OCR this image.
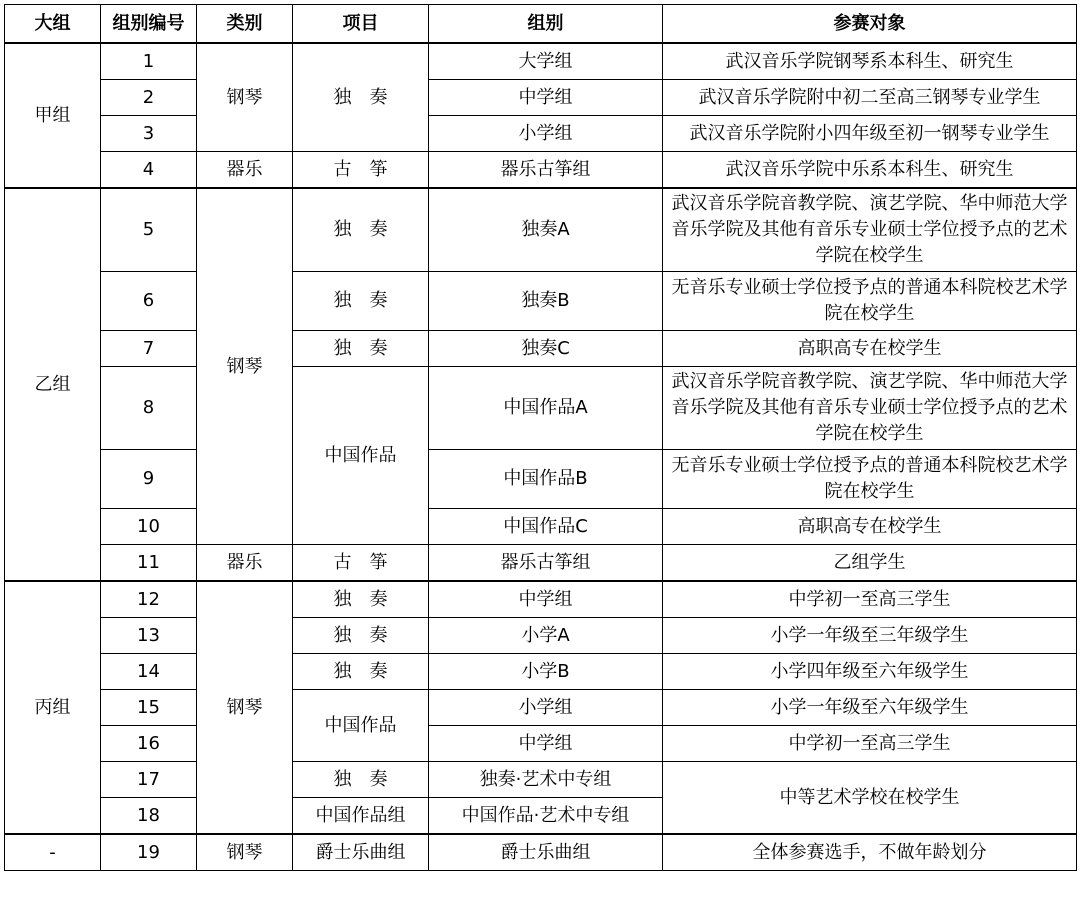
大组	组别编号	类别	项目	组别	参赛对象
甲组	1	钢琴	独　奏	大学组	武汉音乐学院钢琴系本科生、研究生
	2			中学组	武汉音乐学院附中初二至高三钢琴专业学生
	3			小学组	武汉音乐学院附小四年级至初一钢琴专业学生
	4	器乐	古　筝	器乐古筝组	武汉音乐学院中乐系本科生、研究生
乙组	5	钢琴	独　奏	独奏A	武汉音乐学院音教学院、演艺学院、华中师范大学音乐学院及其他有音乐专业硕士学位授予点的艺术学院在校学生
	6		独　奏	独奏B	无音乐专业硕士学位授予点的普通本科院校艺术学院在校学生
	7		独　奏	独奏C	高职高专在校学生
	8		中国作品	中国作品A	武汉音乐学院音教学院、演艺学院、华中师范大学音乐学院及其他有音乐专业硕士学位授予点的艺术学院在校学生
	9			中国作品B	无音乐专业硕士学位授予点的普通本科院校艺术学院在校学生
	10			中国作品C	高职高专在校学生
	11	器乐	古　筝	器乐古筝组	乙组学生
丙组	12	钢琴	独　奏	中学组	中学初一至高三学生
	13		独　奏	小学A	小学一年级至三年级学生
	14		独　奏	小学B	小学四年级至六年级学生
	15		中国作品	小学组	小学一年级至六年级学生
	16			中学组	中学初一至高三学生
	17		独　奏	独奏·艺术中专组	中等艺术学校在校学生
	18		中国作品组	中国作品·艺术中专组	
-	19	钢琴	爵士乐曲组	爵士乐曲组	全体参赛选手，不做年龄划分
